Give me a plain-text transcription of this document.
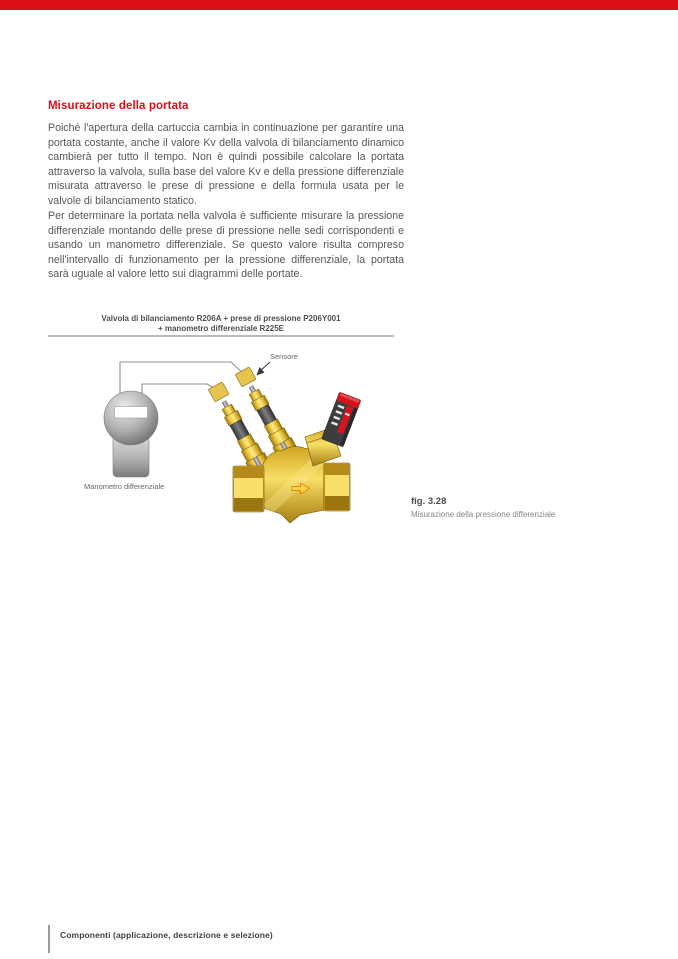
Misurazione della portata

Poiché l'apertura della cartuccia cambia in continuazione per garantire una portata costante, anche il valore Kv della valvola di bilanciamento dinamico cambierà per tutto il tempo. Non è quindi possibile calcolare la portata attraverso la valvola, sulla base del valore Kv e della pressione differenziale misurata attraverso le prese di pressione e della formula usata per le valvole di bilanciamento statico.

Per determinare la portata nella valvola è sufficiente misurare la pressione differenziale montando delle prese di pressione nelle sedi corrispondenti e usando un manometro differenziale. Se questo valore risulta compreso nell'intervallo di funzionamento per la pressione differenziale, la portata sarà uguale al valore letto sui diagrammi delle portate.

Valvola di bilanciamento R206A + prese di pressione P206Y001
+ manometro differenziale R225E
Sensore
Manometro differenziale
fig. 3.28
Misurazione della pressione differenziale
Componenti (applicazione, descrizione e selezione)
